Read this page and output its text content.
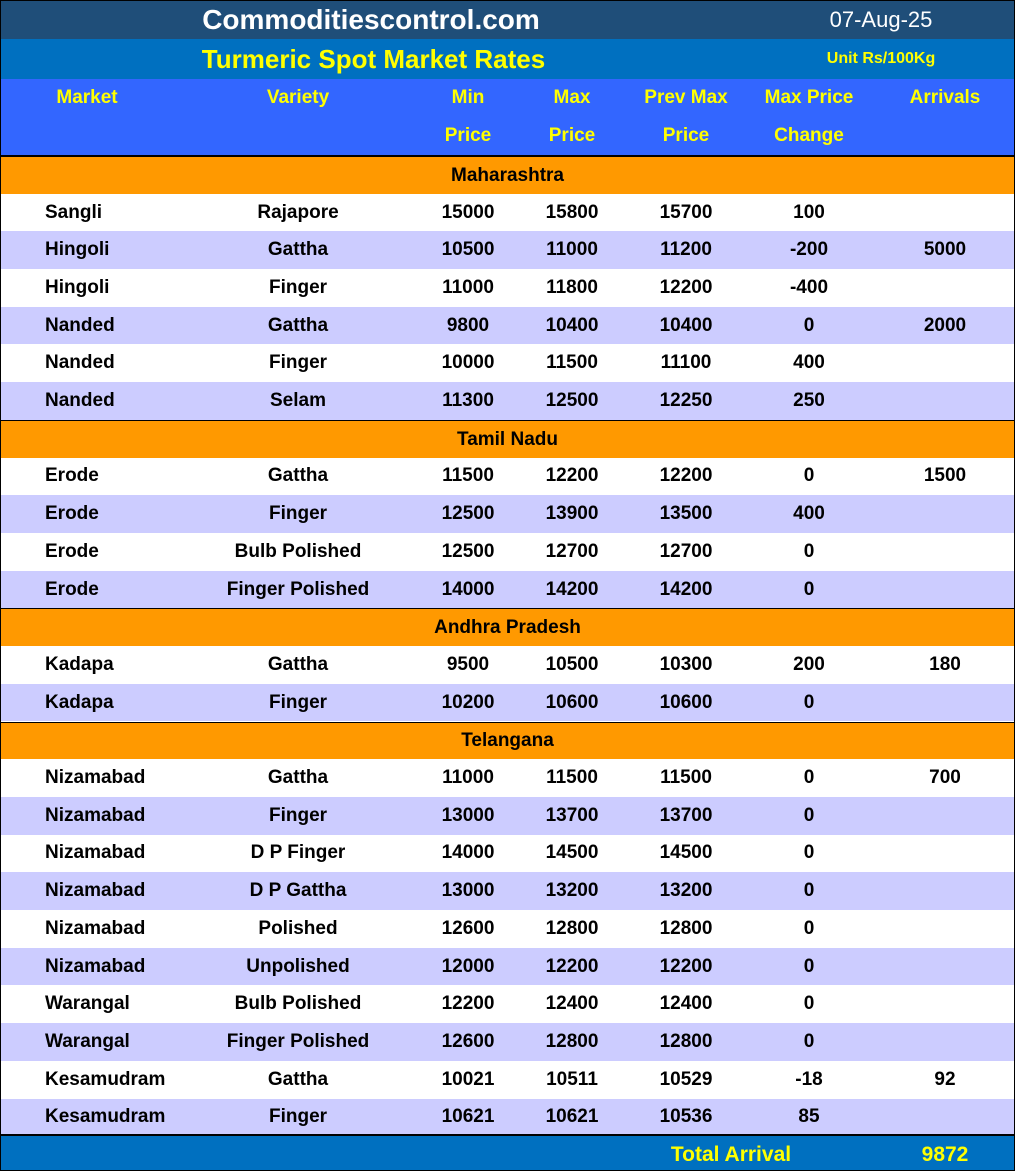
Commoditiescontrol.com	07-Aug-25
Turmeric Spot Market Rates	Unit Rs/100Kg
Market	Variety	Min	Max	Prev Max	Max Price	Arrivals
Price	Price	Price	Change
Maharashtra
Sangli	Rajapore	15000	15800	15700	100
Hingoli	Gattha	10500	11000	11200	-200	5000
Hingoli	Finger	11000	11800	12200	-400
Nanded	Gattha	9800	10400	10400	0	2000
Nanded	Finger	10000	11500	11100	400
Nanded	Selam	11300	12500	12250	250
Tamil Nadu
Erode	Gattha	11500	12200	12200	0	1500
Erode	Finger	12500	13900	13500	400
Erode	Bulb Polished	12500	12700	12700	0
Erode	Finger Polished	14000	14200	14200	0
Andhra Pradesh
Kadapa	Gattha	9500	10500	10300	200	180
Kadapa	Finger	10200	10600	10600	0
Telangana
Nizamabad	Gattha	11000	11500	11500	0	700
Nizamabad	Finger	13000	13700	13700	0
Nizamabad	D P Finger	14000	14500	14500	0
Nizamabad	D P Gattha	13000	13200	13200	0
Nizamabad	Polished	12600	12800	12800	0
Nizamabad	Unpolished	12000	12200	12200	0
Warangal	Bulb Polished	12200	12400	12400	0
Warangal	Finger Polished	12600	12800	12800	0
Kesamudram	Gattha	10021	10511	10529	-18	92
Kesamudram	Finger	10621	10621	10536	85
Total Arrival	9872
